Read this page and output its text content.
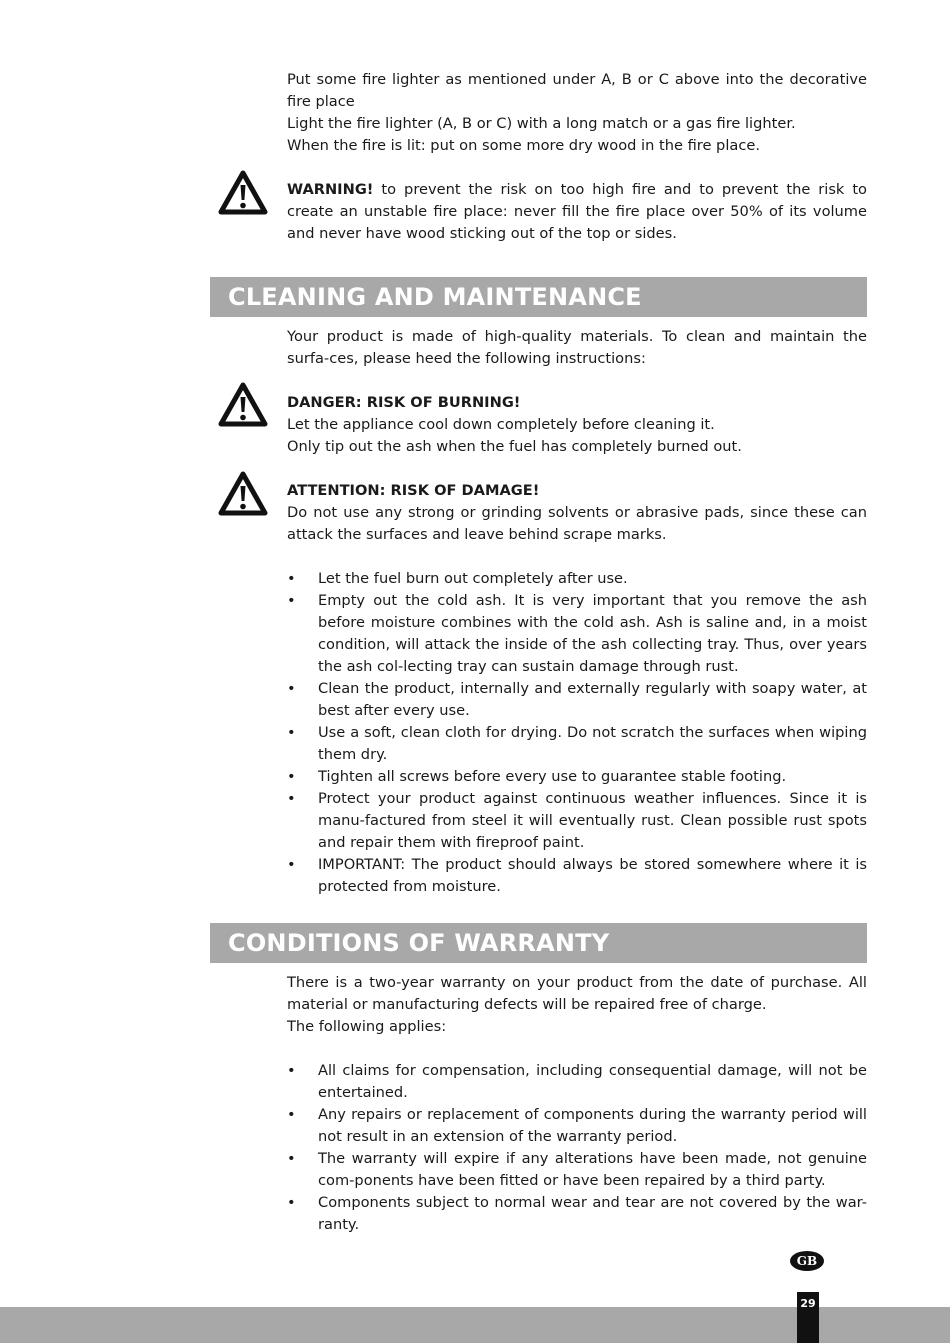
Put some fire lighter as mentioned under A, B or C above into the decorative fire place

Light the fire lighter (A, B or C) with a long match or a gas fire lighter.

When the fire is lit: put on some more dry wood in the fire place.

WARNING! to prevent the risk on too high fire and to prevent the risk to create an unstable fire place: never fill the fire place over 50% of its volume and never have wood sticking out of the top or sides.

CLEANING AND MAINTENANCE

Your product is made of high-quality materials. To clean and maintain the surfa-ces, please heed the following instructions:

DANGER: RISK OF BURNING!

Let the appliance cool down completely before cleaning it.

Only tip out the ash when the fuel has completely burned out.

ATTENTION: RISK OF DAMAGE!

Do not use any strong or grinding solvents or abrasive pads, since these can attack the surfaces and leave behind scrape marks.

• Let the fuel burn out completely after use.
• Empty out the cold ash. It is very important that you remove the ash before moisture combines with the cold ash. Ash is saline and, in a moist condition, will attack the inside of the ash collecting tray. Thus, over years the ash col-lecting tray can sustain damage through rust.
• Clean the product, internally and externally regularly with soapy water, at best after every use.
• Use a soft, clean cloth for drying. Do not scratch the surfaces when wiping them dry.
• Tighten all screws before every use to guarantee stable footing.
• Protect your product against continuous weather influences. Since it is manu-factured from steel it will eventually rust. Clean possible rust spots and repair them with fireproof paint.
• IMPORTANT: The product should always be stored somewhere where it is protected from moisture.
CONDITIONS OF WARRANTY

There is a two-year warranty on your product from the date of purchase. All material or manufacturing defects will be repaired free of charge.

The following applies:

• All claims for compensation, including consequential damage, will not be entertained.
• Any repairs or replacement of components during the warranty period will not result in an extension of the warranty period.
• The warranty will expire if any alterations have been made, not genuine com-ponents have been fitted or have been repaired by a third party.
• Components subject to normal wear and tear are not covered by the war-ranty.
GB
29
